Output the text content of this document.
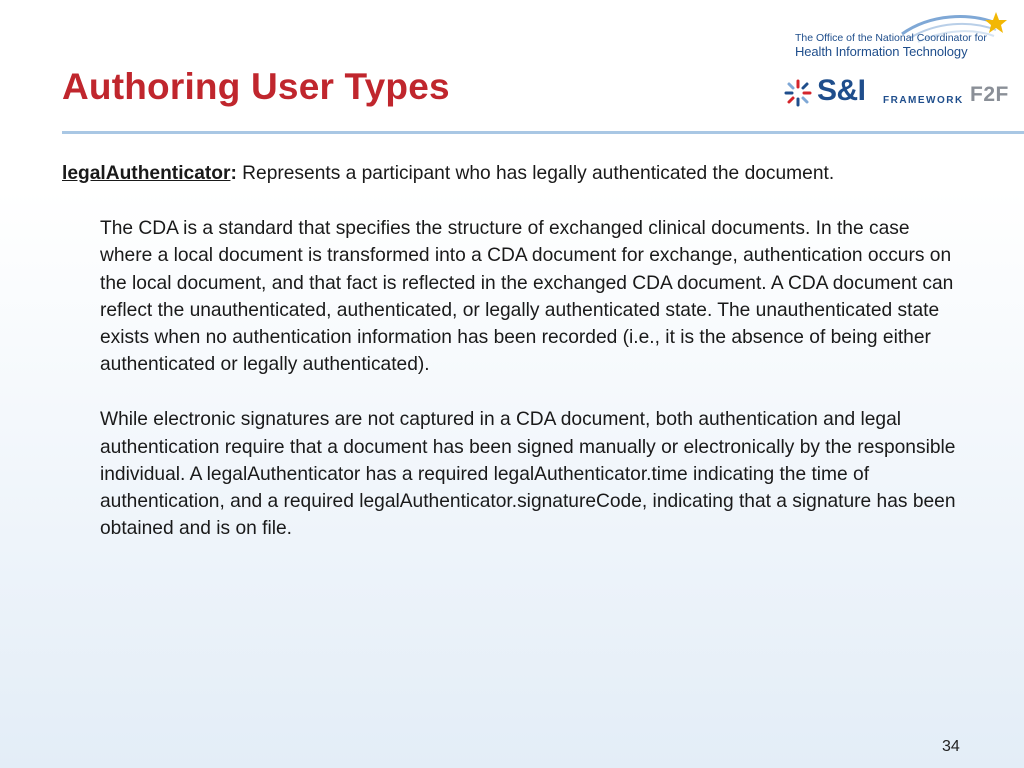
The Office of the National Coordinator for
Health Information Technology
S&I FRAMEWORK F2F
Authoring User Types

legalAuthenticator: Represents a participant who has legally authenticated the document.

The CDA is a standard that specifies the structure of exchanged clinical documents. In the case where a local document is transformed into a CDA document for exchange, authentication occurs on the local document, and that fact is reflected in the exchanged CDA document. A CDA document can reflect the unauthenticated, authenticated, or legally authenticated state. The unauthenticated state exists when no authentication information has been recorded (i.e., it is the absence of being either authenticated or legally authenticated).

While electronic signatures are not captured in a CDA document, both authentication and legal authentication require that a document has been signed manually or electronically by the responsible individual. A legalAuthenticator has a required legalAuthenticator.time indicating the time of authentication, and a required legalAuthenticator.signatureCode, indicating that a signature has been obtained and is on file.

34
